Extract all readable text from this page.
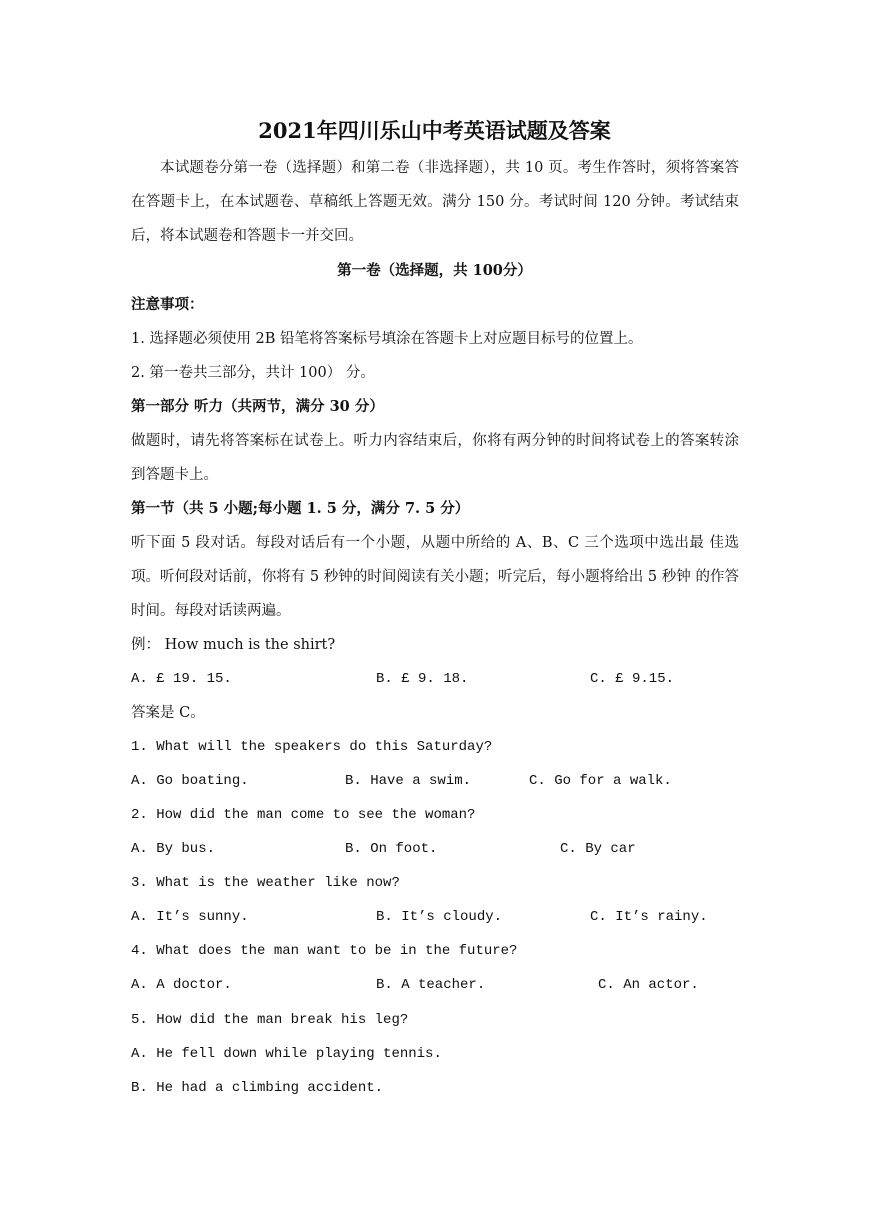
2021年四川乐山中考英语试题及答案
本试题卷分第一卷（选择题）和第二卷（非选择题），共 10 页。考生作答时，须将答案答在答题卡上，在本试题卷、草稿纸上答题无效。满分 150 分。考试时间 120 分钟。考试结束后，将本试题卷和答题卡一并交回。
第一卷（选择题，共 100分）
注意事项：
1. 选择题必须使用 2B 铅笔将答案标号填涂在答题卡上对应题目标号的位置上。
2. 第一卷共三部分，共计 100） 分。
第一部分 听力（共两节，满分 30 分）
做题时，请先将答案标在试卷上。听力内容结束后，你将有两分钟的时间将试卷上的答案转涂到答题卡上。
第一节（共 5 小题;每小题 1. 5 分，满分 7. 5 分）
听下面 5 段对话。每段对话后有一个小题，从题中所给的 A、B、C 三个选项中选出最 佳选项。听何段对话前，你将有 5 秒钟的时间阅读有关小题；听完后，每小题将给出 5 秒钟 的作答时间。每段对话读两遍。
例： How much is the shirt?
A. £ 19. 15.	B. £ 9. 18.	C. £ 9.15.
答案是 C。
1. What will the speakers do this Saturday?
A. Go boating.	B. Have a swim.	C. Go for a walk.
2. How did the man come to see the woman?
A. By bus.	B. On foot.	C. By car
3. What is the weather like now?
A. It’s sunny.	B. It’s cloudy.	C. It’s rainy.
4. What does the man want to be in the future?
A. A doctor.	B. A teacher.	C. An actor.
5. How did the man break his leg?
A. He fell down while playing tennis.
B. He had a climbing accident.
